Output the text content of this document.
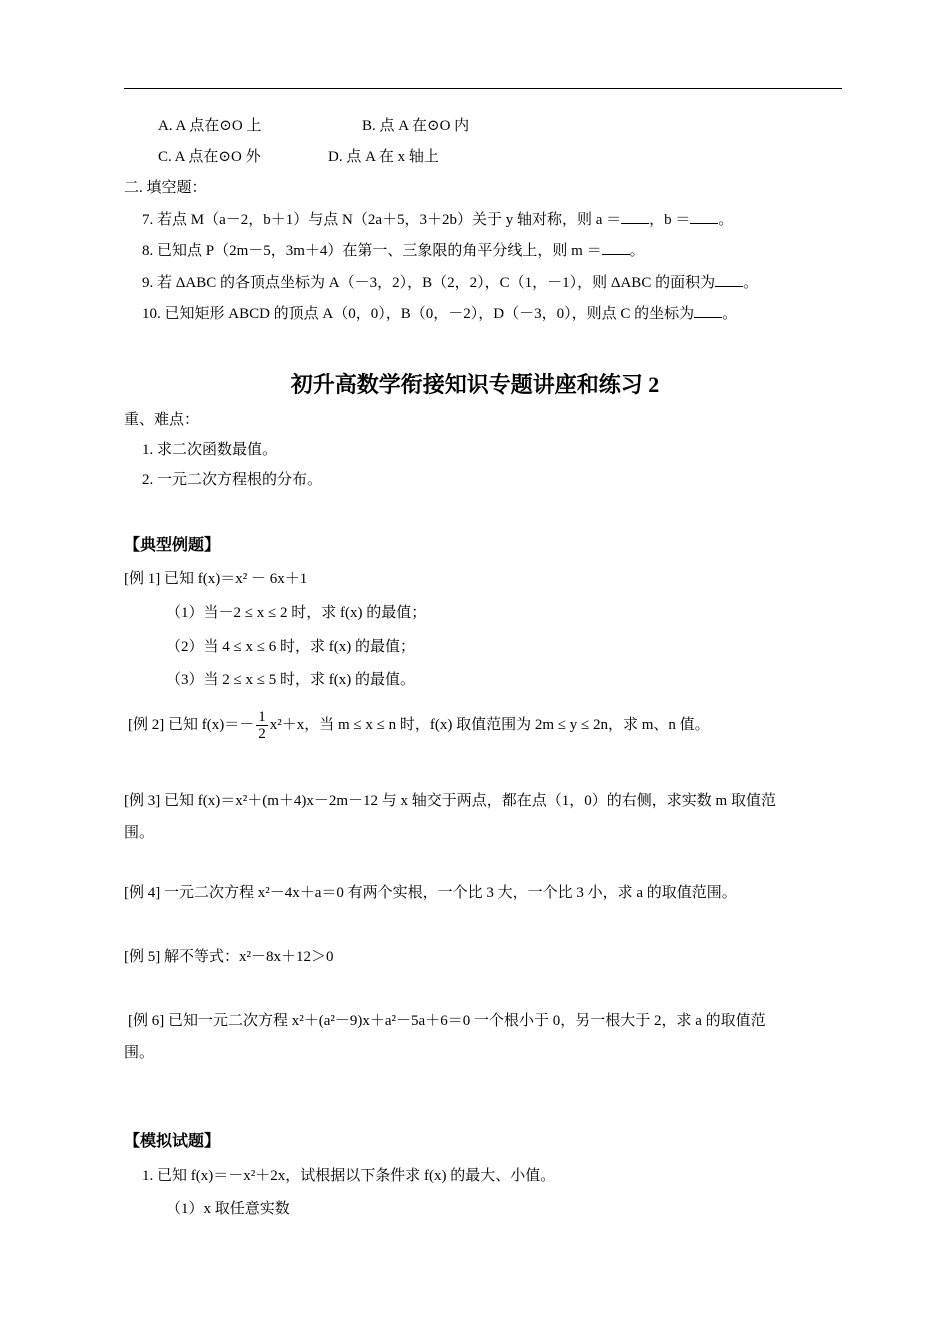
A. A 点在⊙O 上	B. 点 A 在⊙O 内
C. A 点在⊙O 外	D. 点 A 在 x 轴上
二. 填空题：
7. 若点 M（a－2，b＋1）与点 N（2a＋5，3＋2b）关于 y 轴对称，则 a ＝ ，b ＝ 。
8. 已知点 P（2m－5，3m＋4）在第一、三象限的角平分线上，则 m ＝ 。
9. 若 ΔABC 的各顶点坐标为 A（－3，2），B（2，2），C（1，－1），则 ΔABC 的面积为 。
10. 已知矩形 ABCD 的顶点 A（0，0），B（0，－2），D（－3，0），则点 C 的坐标为 。
初升高数学衔接知识专题讲座和练习 2
重、难点：
1. 求二次函数最值。
2. 一元二次方程根的分布。
【典型例题】
[例 1] 已知 f(x)＝x² － 6x＋1
（1）当－2 ≤ x ≤ 2 时，求 f(x) 的最值；
（2）当 4 ≤ x ≤ 6 时，求 f(x) 的最值；
（3）当 2 ≤ x ≤ 5 时，求 f(x) 的最值。
[例 2] 已知 $f(x)=- \frac{1}{2} x^2+x$，当 m ≤ x ≤ n 时，f(x) 取值范围为 2m ≤ y ≤ 2n，求 m、n 值。
[例 3] 已知 f(x)＝x²＋(m＋4)x－2m－12 与 x 轴交于两点，都在点（1，0）的右侧，求实数 m 取值范
围。
[例 4] 一元二次方程 x²－4x＋a＝0 有两个实根，一个比 3 大，一个比 3 小，求 a 的取值范围。
[例 5] 解不等式：x²－8x＋12＞0
[例 6] 已知一元二次方程 x²＋(a²－9)x＋a²－5a＋6＝0 一个根小于 0，另一根大于 2，求 a 的取值范
围。
【模拟试题】
1. 已知 f(x)＝－x²＋2x，试根据以下条件求 f(x) 的最大、小值。
（1）x 取任意实数
